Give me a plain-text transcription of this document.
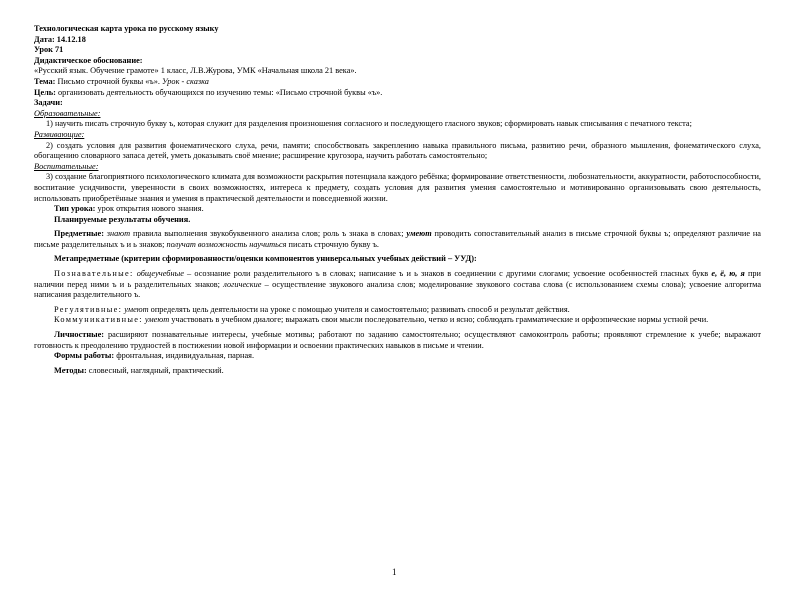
Технологическая карта урока по русскому языку

Дата: 14.12.18

Урок 71

Дидактическое обоснование:

«Русский язык. Обучение грамоте» 1 класс, Л.В.Журова, УМК «Начальная школа 21 века».

Тема: Письмо строчной буквы «ъ». Урок - сказка

Цель: организовать деятельность обучающихся по изучению темы: «Письмо строчной буквы «ъ».

Задачи:

Образовательные:

1) научить писать строчную букву ъ, которая служит для разделения произношения согласного и последующего гласного звуков; сформировать навык списывания с печатного текста;

Развивающие:

2) создать условия для развития фонематического слуха, речи, памяти; способствовать закреплению навыка правильного письма, развитию речи, образного мышления, фонематического слуха, обогащению словарного запаса детей, уметь доказывать своё мнение; расширение кругозора, научить работать самостоятельно;

Воспитательные:

3) создание благоприятного психологического климата для возможности раскрытия потенциала каждого ребёнка; формирование ответственности, любознательности, аккуратности, работоспособности, воспитание усидчивости, уверенности в своих возможностях, интереса к предмету, создать условия для развития умения самостоятельно и мотивированно организовывать свою деятельность, использовать приобретённые знания и умения в практической деятельности и повседневной жизни.

Тип урока: урок открытия нового знания.

Планируемые результаты обучения.

Предметные: знают правила выполнения звукобуквенного анализа слов; роль ъ знака в словах; умеют проводить сопоставительный анализ в письме строчной буквы ъ; определяют различие на письме разделительных ъ и ь знаков; получат возможность научиться писать строчную букву ъ.

Метапредметные (критерии сформированности/оценки компонентов универсальных учебных действий – УУД):

Познавательные: общеучебные – осознание роли разделительного ъ в словах; написание ъ и ь знаков в соединении с другими слогами; усвоение особенностей гласных букв е, ё, ю, я при наличии перед ними ъ и ь разделительных знаков; логические – осуществление звукового анализа слов; моделирование звукового состава слова (с использованием схемы слова); усвоение алгоритма написания разделительного ъ.

Регулятивные: умеют определять цель деятельности на уроке с помощью учителя и самостоятельно; развивать способ и результат действия.

Коммуникативные: умеют участвовать в учебном диалоге; выражать свои мысли последовательно, четко и ясно; соблюдать грамматические и орфоэпические нормы устной речи.

Личностные: расширяют познавательные интересы, учебные мотивы; работают по заданию самостоятельно; осуществляют самоконтроль работы; проявляют стремление к учебе; выражают готовность к преодолению трудностей в постижении новой информации и освоении практических навыков в письме и чтении.

Формы работы: фронтальная, индивидуальная, парная.

Методы: словесный, наглядный, практический.

1
